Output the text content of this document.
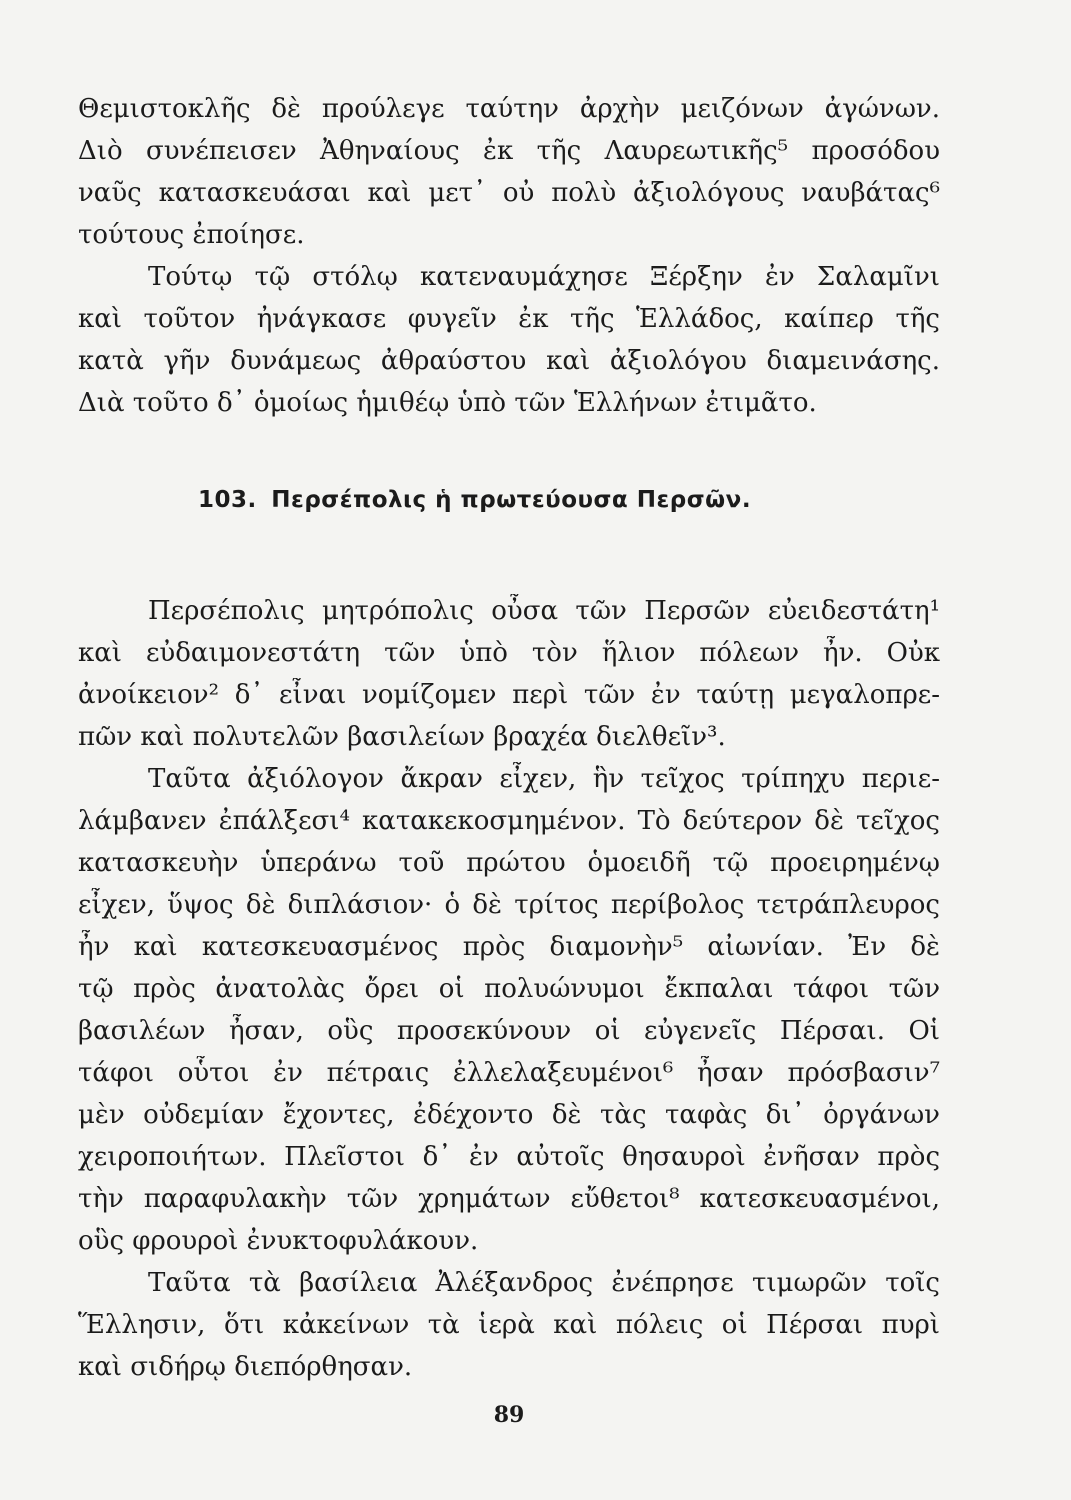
Θεμιστοκλῆς δὲ προύλεγε ταύτην ἀρχὴν μειζόνων ἀγώνων.
Διὸ συνέπεισεν Ἀθηναίους ἐκ τῆς Λαυρεωτικῆς⁵ προσόδου
ναῦς κατασκευάσαι καὶ μετ᾽ οὐ πολὺ ἀξιολόγους ναυβάτας⁶
τούτους ἐποίησε.
Τούτῳ τῷ στόλῳ κατεναυμάχησε Ξέρξην ἐν Σαλαμῖνι
καὶ τοῦτον ἠνάγκασε φυγεῖν ἐκ τῆς Ἑλλάδος, καίπερ τῆς
κατὰ γῆν δυνάμεως ἀθραύστου καὶ ἀξιολόγου διαμεινάσης.
Διὰ τοῦτο δ᾽ ὁμοίως ἡμιθέῳ ὑπὸ τῶν Ἑλλήνων ἐτιμᾶτο.
103. Περσέπολις ἡ πρωτεύουσα Περσῶν.
Περσέπολις μητρόπολις οὖσα τῶν Περσῶν εὐειδεστάτη¹
καὶ εὐδαιμονεστάτη τῶν ὑπὸ τὸν ἥλιον πόλεων ἦν. Οὐκ
ἀνοίκειον² δ᾽ εἶναι νομίζομεν περὶ τῶν ἐν ταύτῃ μεγαλοπρε-
πῶν καὶ πολυτελῶν βασιλείων βραχέα διελθεῖν³.
Ταῦτα ἀξιόλογον ἄκραν εἶχεν, ἣν τεῖχος τρίπηχυ περιε-
λάμβανεν ἐπάλξεσι⁴ κατακεκοσμημένον. Τὸ δεύτερον δὲ τεῖχος
κατασκευὴν ὑπεράνω τοῦ πρώτου ὁμοειδῆ τῷ προειρημένῳ
εἶχεν, ὕψος δὲ διπλάσιον· ὁ δὲ τρίτος περίβολος τετράπλευρος
ἦν καὶ κατεσκευασμένος πρὸς διαμονὴν⁵ αἰωνίαν. Ἐν δὲ
τῷ πρὸς ἀνατολὰς ὄρει οἱ πολυώνυμοι ἔκπαλαι τάφοι τῶν
βασιλέων ἦσαν, οὓς προσεκύνουν οἱ εὐγενεῖς Πέρσαι. Οἱ
τάφοι οὗτοι ἐν πέτραις ἐλλελαξευμένοι⁶ ἦσαν πρόσβασιν⁷
μὲν οὐδεμίαν ἔχοντες, ἐδέχοντο δὲ τὰς ταφὰς δι᾽ ὀργάνων
χειροποιήτων. Πλεῖστοι δ᾽ ἐν αὐτοῖς θησαυροὶ ἐνῆσαν πρὸς
τὴν παραφυλακὴν τῶν χρημάτων εὔθετοι⁸ κατεσκευασμένοι,
οὓς φρουροὶ ἐνυκτοφυλάκουν.
Ταῦτα τὰ βασίλεια Ἀλέξανδρος ἐνέπρησε τιμωρῶν τοῖς
Ἕλλησιν, ὅτι κἀκείνων τὰ ἱερὰ καὶ πόλεις οἱ Πέρσαι πυρὶ
καὶ σιδήρῳ διεπόρθησαν.
89
